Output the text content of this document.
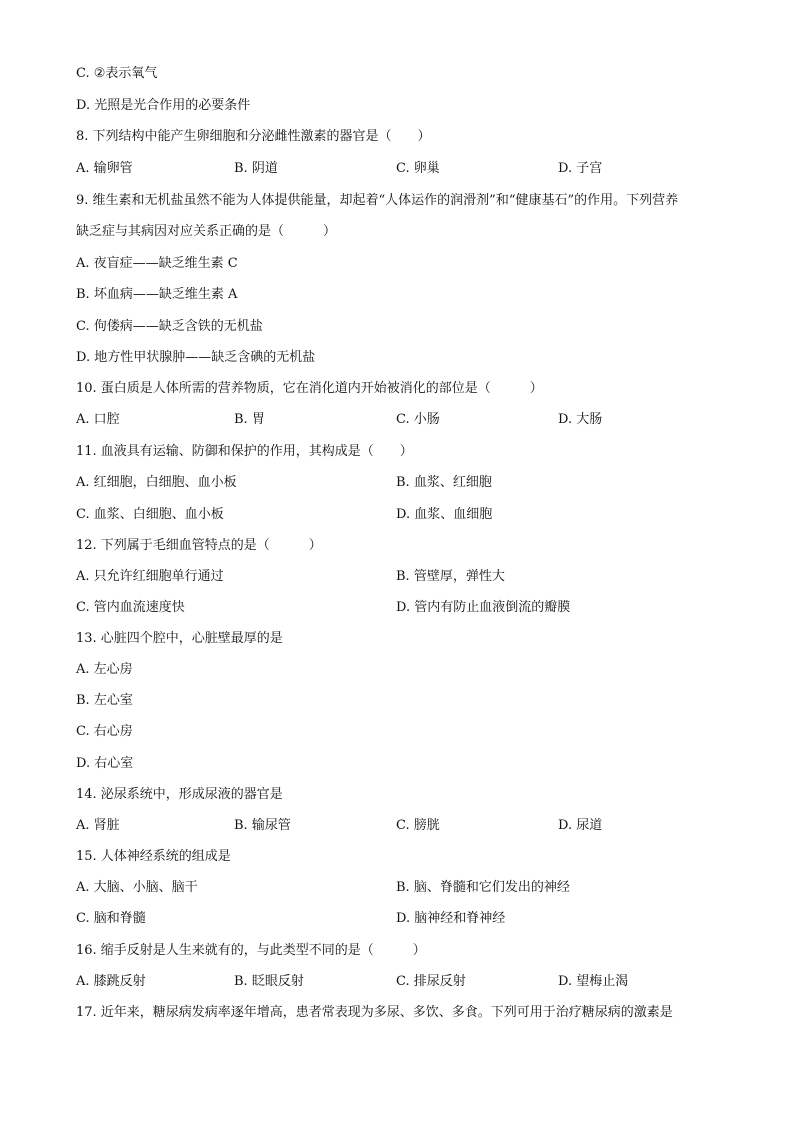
C. ②表示氧气
D. 光照是光合作用的必要条件
8. 下列结构中能产生卵细胞和分泌雌性激素的器官是（　　）
A. 输卵管	B. 阴道	C. 卵巢	D. 子宫
9. 维生素和无机盐虽然不能为人体提供能量，却起着“人体运作的润滑剂”和“健康基石”的作用。下列营养
缺乏症与其病因对应关系正确的是（　　　）
A. 夜盲症——缺乏维生素 C
B. 坏血病——缺乏维生素 A
C. 佝偻病——缺乏含铁的无机盐
D. 地方性甲状腺肿——缺乏含碘的无机盐
10. 蛋白质是人体所需的营养物质，它在消化道内开始被消化的部位是（　　　）
A. 口腔	B. 胃	C. 小肠	D. 大肠
11. 血液具有运输、防御和保护的作用，其构成是（　　）
A. 红细胞，白细胞、血小板	B. 血浆、红细胞
C. 血浆、白细胞、血小板	D. 血浆、血细胞
12. 下列属于毛细血管特点的是（　　　）
A. 只允许红细胞单行通过	B. 管壁厚，弹性大
C. 管内血流速度快	D. 管内有防止血液倒流的瓣膜
13. 心脏四个腔中，心脏壁最厚的是
A. 左心房
B. 左心室
C. 右心房
D. 右心室
14. 泌尿系统中，形成尿液的器官是
A. 肾脏	B. 输尿管	C. 膀胱	D. 尿道
15. 人体神经系统的组成是
A. 大脑、小脑、脑干	B. 脑、脊髓和它们发出的神经
C. 脑和脊髓	D. 脑神经和脊神经
16. 缩手反射是人生来就有的，与此类型不同的是（　　　）
A. 膝跳反射	B. 眨眼反射	C. 排尿反射	D. 望梅止渴
17. 近年来，糖尿病发病率逐年增高，患者常表现为多尿、多饮、多食。下列可用于治疗糖尿病的激素是
